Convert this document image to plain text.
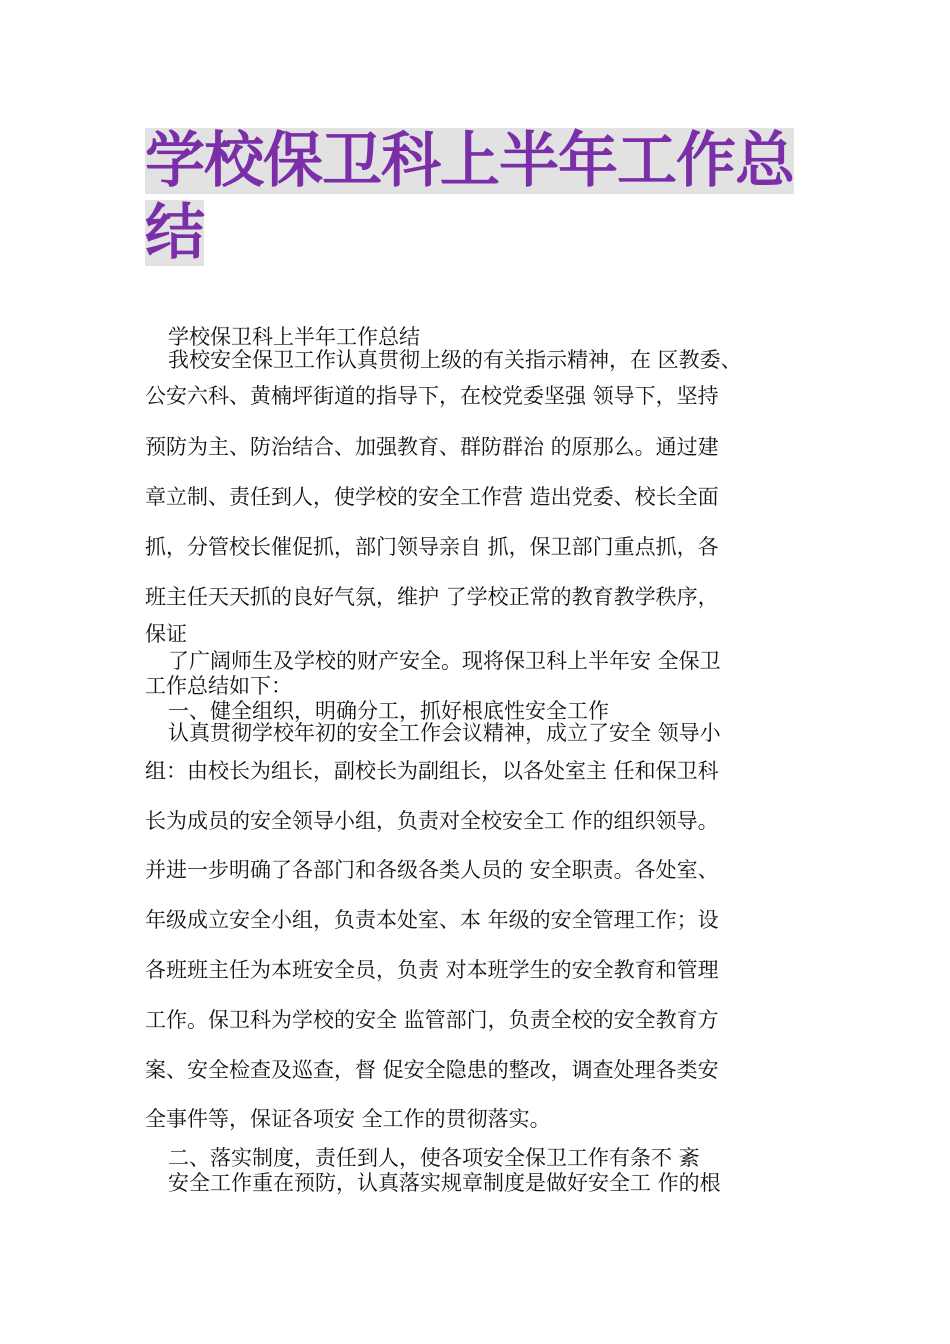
学校保卫科上半年工作总
结
学校保卫科上半年工作总结
我校安全保卫工作认真贯彻上级的有关指示精神，在 区教委、
公安六科、黄楠坪街道的指导下，在校党委坚强 领导下，坚持
预防为主、防治结合、加强教育、群防群治 的原那么。通过建
章立制、责任到人，使学校的安全工作营 造出党委、校长全面
抓，分管校长催促抓，部门领导亲自 抓，保卫部门重点抓，各
班主任天天抓的良好气氛，维护 了学校正常的教育教学秩序，
保证
了广阔师生及学校的财产安全。现将保卫科上半年安 全保卫
工作总结如下：
一、健全组织，明确分工，抓好根底性安全工作
认真贯彻学校年初的安全工作会议精神，成立了安全 领导小
组：由校长为组长，副校长为副组长，以各处室主 任和保卫科
长为成员的安全领导小组，负责对全校安全工 作的组织领导。
并进一步明确了各部门和各级各类人员的 安全职责。各处室、
年级成立安全小组，负责本处室、本 年级的安全管理工作；设
各班班主任为本班安全员，负责 对本班学生的安全教育和管理
工作。保卫科为学校的安全 监管部门，负责全校的安全教育方
案、安全检查及巡查，督 促安全隐患的整改，调查处理各类安
全事件等，保证各项安 全工作的贯彻落实。
二、落实制度，责任到人，使各项安全保卫工作有条不 紊
安全工作重在预防，认真落实规章制度是做好安全工 作的根
